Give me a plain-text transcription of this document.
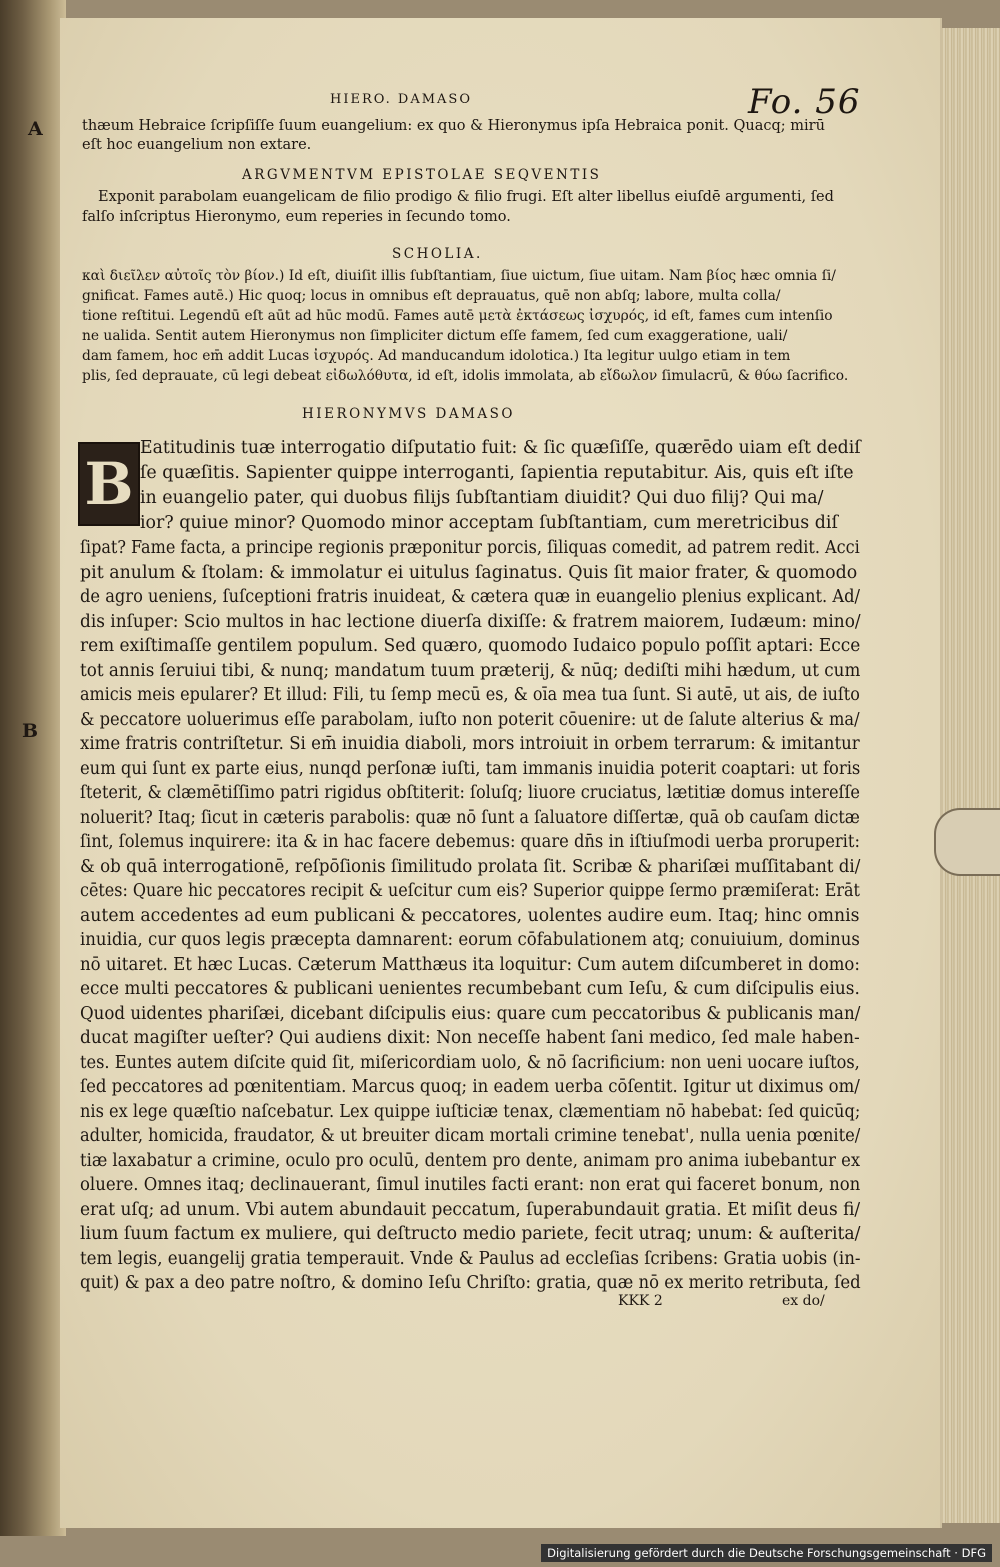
HIERO. DAMASO	Fo. 56
A
B
thæum Hebraice ſcripſiſſe ſuum euangelium: ex quo & Hieronymus ipſa Hebraica ponit. Quacq; mirū
eſt hoc euangelium non extare.
ARGVMENTVM EPISTOLAE SEQVENTIS
Exponit parabolam euangelicam de filio prodigo & filio frugi. Eſt alter libellus eiuſdē argumenti, ſed
falſo inſcriptus Hieronymo, eum reperies in ſecundo tomo.
SCHOLIA.
καὶ διεῖλεν αὐτοῖς τὸν βίον.) Id eſt, diuiſit illis ſubſtantiam, ſiue uictum, ſiue uitam. Nam βίος hæc omnia ſi/
gnificat. Fames autē.) Hic quoq; locus in omnibus eſt deprauatus, quē non abſq; labore, multa colla/
tione reſtitui. Legendū eſt aūt ad hūc modū. Fames autē μετὰ ἐκτάσεως ἰσχυρός, id eſt, fames cum intenſio
ne ualida. Sentit autem Hieronymus non ſimpliciter dictum eſſe famem, ſed cum exaggeratione, uali/
dam famem, hoc em̄ addit Lucas ἰσχυρός. Ad manducandum idolotica.) Ita legitur uulgo etiam in tem
plis, ſed deprauate, cū legi debeat εἰδωλόθυτα, id eſt, idolis immolata, ab εἴδωλον ſimulacrū, & θύω ſacrifico.
HIERONYMVS DAMASO
B
Eatitudinis tuæ interrogatio diſputatio fuit: & ſic quæſiſſe, quærēdo uiam eſt dediſ
ſe quæſitis. Sapienter quippe interroganti, ſapientia reputabitur. Ais, quis eſt iſte
in euangelio pater, qui duobus filijs ſubſtantiam diuidit? Qui duo filij? Qui ma/
ior? quiue minor? Quomodo minor acceptam ſubſtantiam, cum meretricibus diſ
ſipat? Fame facta, a principe regionis præponitur porcis, ſiliquas comedit, ad patrem redit. Acci
pit anulum & ſtolam: & immolatur ei uitulus ſaginatus. Quis ſit maior frater, & quomodo
de agro ueniens, ſuſceptioni fratris inuideat, & cætera quæ in euangelio plenius explicant. Ad/
dis inſuper: Scio multos in hac lectione diuerſa dixiſſe: & fratrem maiorem, Iudæum: mino/
rem exiſtimaſſe gentilem populum. Sed quæro, quomodo Iudaico populo poſſit aptari: Ecce
tot annis ſeruiui tibi, & nunq; mandatum tuum præterij, & nūq; dediſti mihi hædum, ut cum
amicis meis epularer? Et illud: Fili, tu ſemp mecū es, & oīa mea tua ſunt. Si autē, ut ais, de iuſto
& peccatore uoluerimus eſſe parabolam, iuſto non poterit cōuenire: ut de ſalute alterius & ma/
xime fratris contriſtetur. Si em̄ inuidia diaboli, mors introiuit in orbem terrarum: & imitantur
eum qui ſunt ex parte eius, nunqd perſonæ iuſti, tam immanis inuidia poterit coaptari: ut foris
ſteterit, & clæmētiſſimo patri rigidus obſtiterit: ſoluſq; liuore cruciatus, lætitiæ domus intereſſe
noluerit? Itaq; ſicut in cæteris parabolis: quæ nō ſunt a ſaluatore diſſertæ, quā ob cauſam dictæ
ſint, ſolemus inquirere: ita & in hac facere debemus: quare dn̄s in iſtiuſmodi uerba proruperit:
& ob quā interrogationē, reſpōſionis ſimilitudo prolata ſit. Scribæ & phariſæi muſſitabant di/
cētes: Quare hic peccatores recipit & ueſcitur cum eis? Superior quippe ſermo præmiſerat: Erāt
autem accedentes ad eum publicani & peccatores, uolentes audire eum. Itaq; hinc omnis
inuidia, cur quos legis præcepta damnarent: eorum cōfabulationem atq; conuiuium, dominus
nō uitaret. Et hæc Lucas. Cæterum Matthæus ita loquitur: Cum autem diſcumberet in domo:
ecce multi peccatores & publicani uenientes recumbebant cum Ieſu, & cum diſcipulis eius.
Quod uidentes phariſæi, dicebant diſcipulis eius: quare cum peccatoribus & publicanis man/
ducat magiſter ueſter? Qui audiens dixit: Non neceſſe habent ſani medico, ſed male haben-
tes. Euntes autem diſcite quid ſit, miſericordiam uolo, & nō ſacrificium: non ueni uocare iuſtos,
ſed peccatores ad pœnitentiam. Marcus quoq; in eadem uerba cōſentit. Igitur ut diximus om/
nis ex lege quæſtio naſcebatur. Lex quippe iuſticiæ tenax, clæmentiam nō habebat: ſed quicūq;
adulter, homicida, fraudator, & ut breuiter dicam mortali crimine tenebat', nulla uenia pœnite/
tiæ laxabatur a crimine, oculo pro oculū, dentem pro dente, animam pro anima iubebantur ex
oluere. Omnes itaq; declinauerant, ſimul inutiles facti erant: non erat qui faceret bonum, non
erat uſq; ad unum. Vbi autem abundauit peccatum, ſuperabundauit gratia. Et miſit deus fi/
lium ſuum factum ex muliere, qui deſtructo medio pariete, fecit utraq; unum: & auſterita/
tem legis, euangelij gratia temperauit. Vnde & Paulus ad eccleſias ſcribens: Gratia uobis (in-
quit) & pax a deo patre noſtro, & domino Ieſu Chriſto: gratia, quæ nō ex merito retributa, ſed
KKK 2	ex do/
Digitalisierung gefördert durch die Deutsche Forschungsgemeinschaft · DFG
